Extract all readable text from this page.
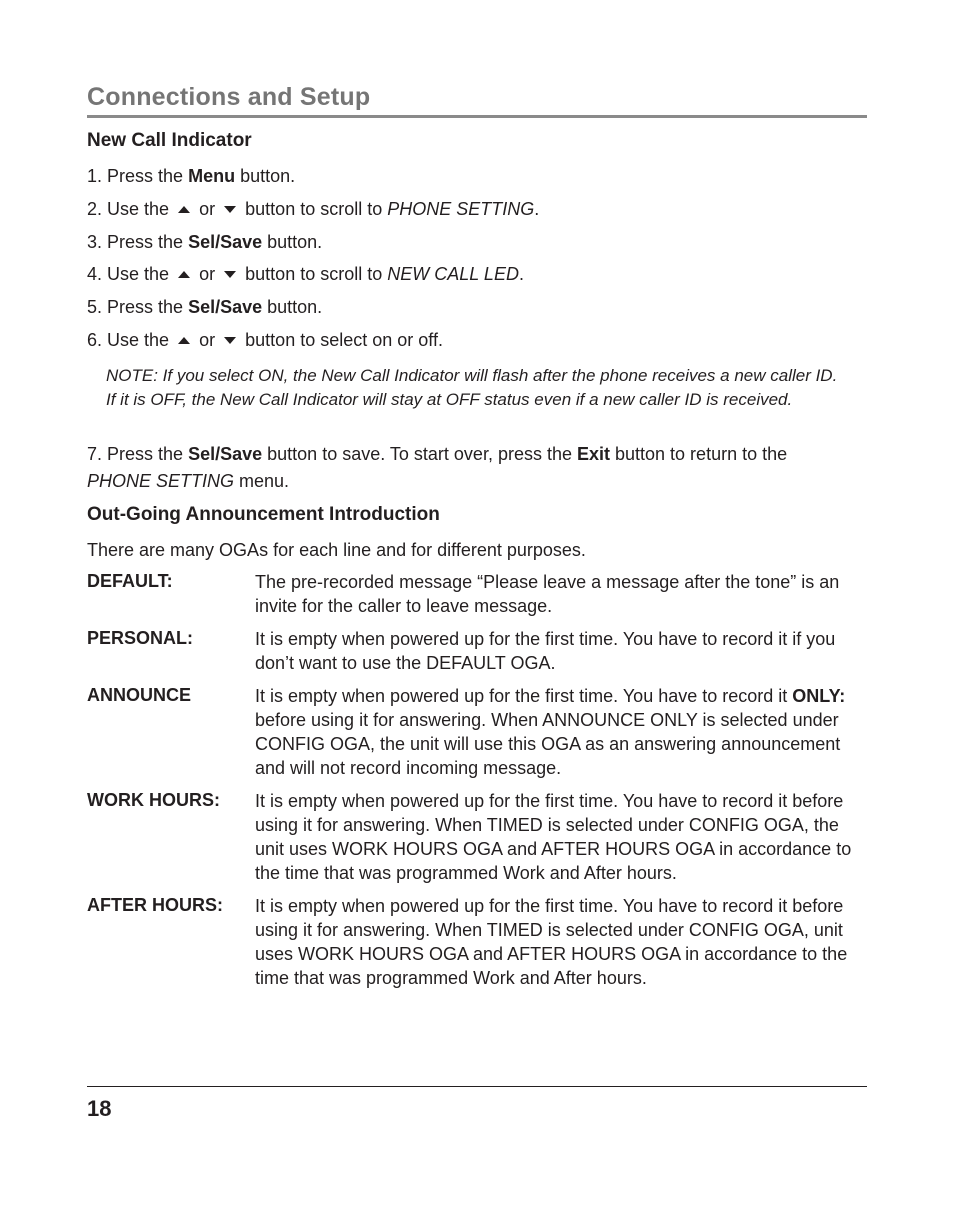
Connections and Setup
New Call Indicator
1. Press the Menu button.
2. Use the or button to scroll to PHONE SETTING.
3. Press the Sel/Save button.
4. Use the or button to scroll to NEW CALL LED.
5. Press the Sel/Save button.
6. Use the or button to select on or off.
NOTE: If you select ON, the New Call Indicator will flash after the phone receives a new caller ID. If it is OFF, the New Call Indicator will stay at OFF status even if a new caller ID is received.
7. Press the Sel/Save button to save. To start over, press the Exit button to return to the
PHONE SETTING menu.
Out-Going Announcement Introduction
There are many OGAs for each line and for different purposes.
DEFAULT:	The pre-recorded message “Please leave a message after the tone” is an invite for the caller to leave message.
PERSONAL:	It is empty when powered up for the first time. You have to record it if you don’t want to use the DEFAULT OGA.
ANNOUNCE	It is empty when powered up for the first time. You have to record it ONLY: before using it for answering. When ANNOUNCE ONLY is selected under CONFIG OGA, the unit will use this OGA as an answering announcement and will not record incoming message.
WORK HOURS: It is empty when powered up for the first time. You have to record it before using it for answering. When TIMED is selected under CONFIG OGA, the unit uses WORK HOURS OGA and AFTER HOURS OGA in accordance to the time that was programmed Work and After hours.
AFTER HOURS: It is empty when powered up for the first time. You have to record it before using it for answering. When TIMED is selected under CONFIG OGA, unit uses WORK HOURS OGA and AFTER HOURS OGA in accordance to the time that was programmed Work and After hours.
18
